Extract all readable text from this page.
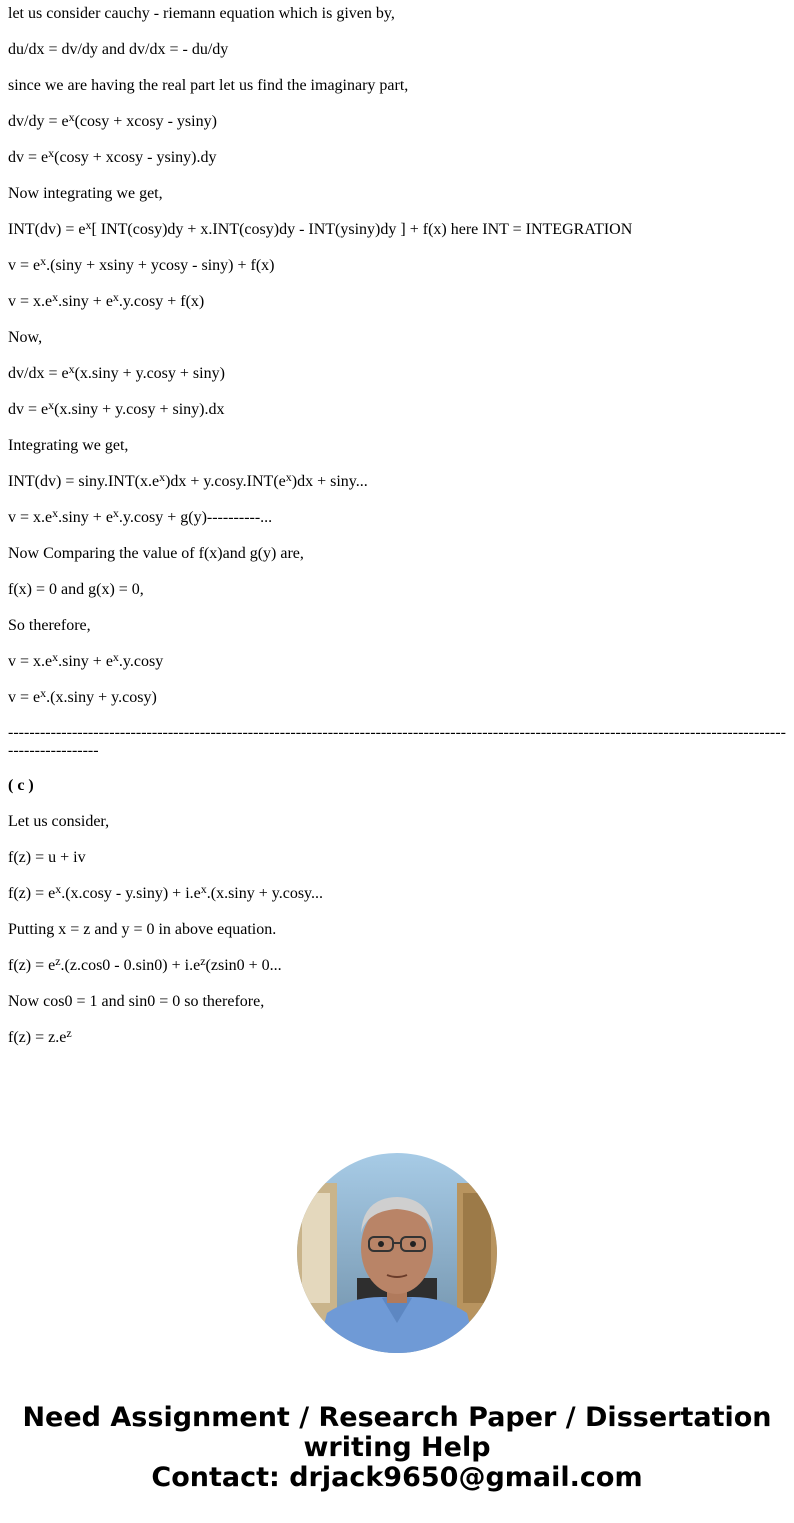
let us consider cauchy - riemann equation which is given by,
du/dx = dv/dy and dv/dx = - du/dy
since we are having the real part let us find the imaginary part,
$dv/dy = e^x(\cos y + xcosy - ysiny)$
dv = $e^x(\cos y + xcosy - ysiny).dy$
Now integrating we get,
$INT(dv) = e^x$[ INT(cosy)dy + x.INT(cosy)dy - INT(ysiny)dy ] + f(x) here INT = INTEGRATION
$v = e^x.(\sin y + xsiny + ycosy - \sin y) + f(x)$
$v = x.e^x.\sin y + e^x.y.\cos y + f(x)$
Now,
$dv/dx = e^x(x.\sin y + y.\cos y + \sin y)$
dv = $e^x(x.\sin y + y.\cos y + \sin y).dx$
Integrating we get,
$INT(dv) = \sin y.INT(x.e^x)dx + y.\cos y.INT(e^x)dx + \sin y$...
$v = x.e^x.\sin y + e^x.y.\cos y + g(y)----------$...
Now Comparing the value of f(x)and g(y) are,
f(x) = 0 and g(x) = 0,
So therefore,
$v = x.e^x.\sin y + e^x.y.\cos y$
$v = e^x.(x.\sin y + y.\cos y)$
-------------------------------------------------------------------------------------------------------------------------------------------------------------------
( c )
Let us consider,
f(z) = u + iv
$f(z) = e^x.(x.\cos y - y.\sin y) + i.e^x.(x.\sin y + y.\cos y$...
Putting x = z and y = 0 in above equation.
$f(z) = e^z.(z.\cos 0 - 0.\sin 0) + i.e^z(zsin0 + 0$...
Now cos0 = 1 and sin0 = 0 so therefore,
$f(z) = z.e^z$
Need Assignment / Research Paper / Dissertation
writing Help
Contact: drjack9650@gmail.com
